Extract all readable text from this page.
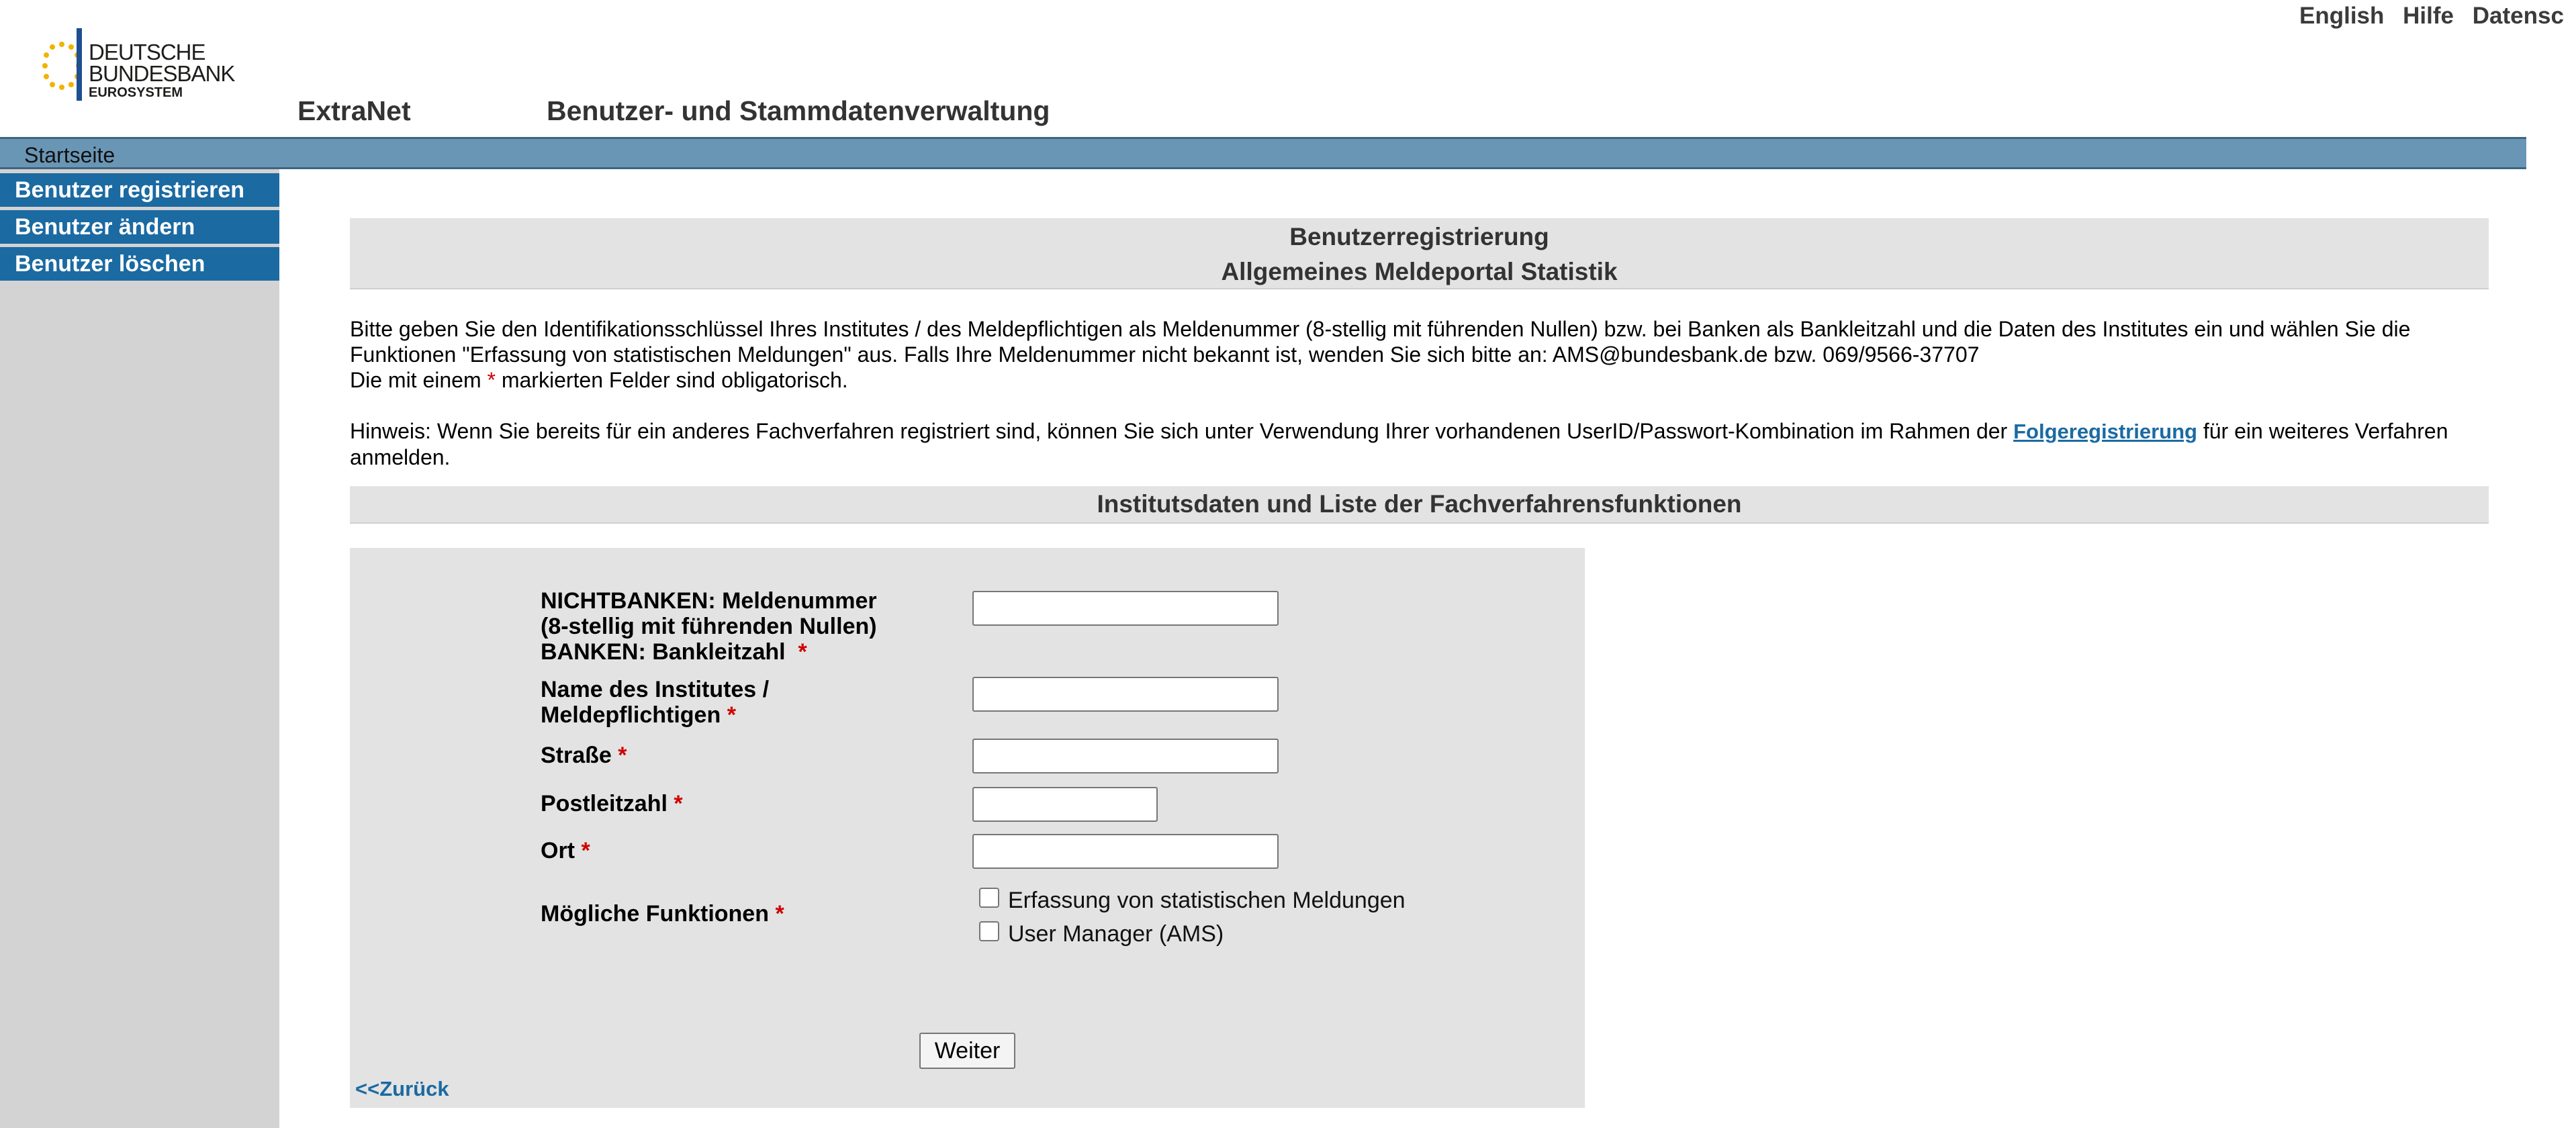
DEUTSCHE
BUNDESBANK
EUROSYSTEM
English Hilfe Datensc
ExtraNet	Benutzer- und Stammdatenverwaltung
Startseite
Benutzer registrieren
Benutzer ändern
Benutzer löschen
Benutzerregistrierung
Allgemeines Meldeportal Statistik
Bitte geben Sie den Identifikationsschlüssel Ihres Institutes / des Meldepflichtigen als Meldenummer (8-stellig mit führenden Nullen) bzw. bei Banken als Bankleitzahl und die Daten des Institutes ein und wählen Sie die Funktionen "Erfassung von statistischen Meldungen" aus. Falls Ihre Meldenummer nicht bekannt ist, wenden Sie sich bitte an: AMS@bundesbank.de bzw. 069/9566-37707
Die mit einem * markierten Felder sind obligatorisch.
Hinweis: Wenn Sie bereits für ein anderes Fachverfahren registriert sind, können Sie sich unter Verwendung Ihrer vorhandenen UserID/Passwort-Kombination im Rahmen der Folgeregistrierung für ein weiteres Verfahren anmelden.
Institutsdaten und Liste der Fachverfahrensfunktionen
NICHTBANKEN: Meldenummer
(8-stellig mit führenden Nullen)
BANKEN: Bankleitzahl *
Name des Institutes /
Meldepflichtigen *
Straße *
Postleitzahl *
Ort *
Mögliche Funktionen *
Erfassung von statistischen Meldungen
User Manager (AMS)
Weiter
<<Zurück
